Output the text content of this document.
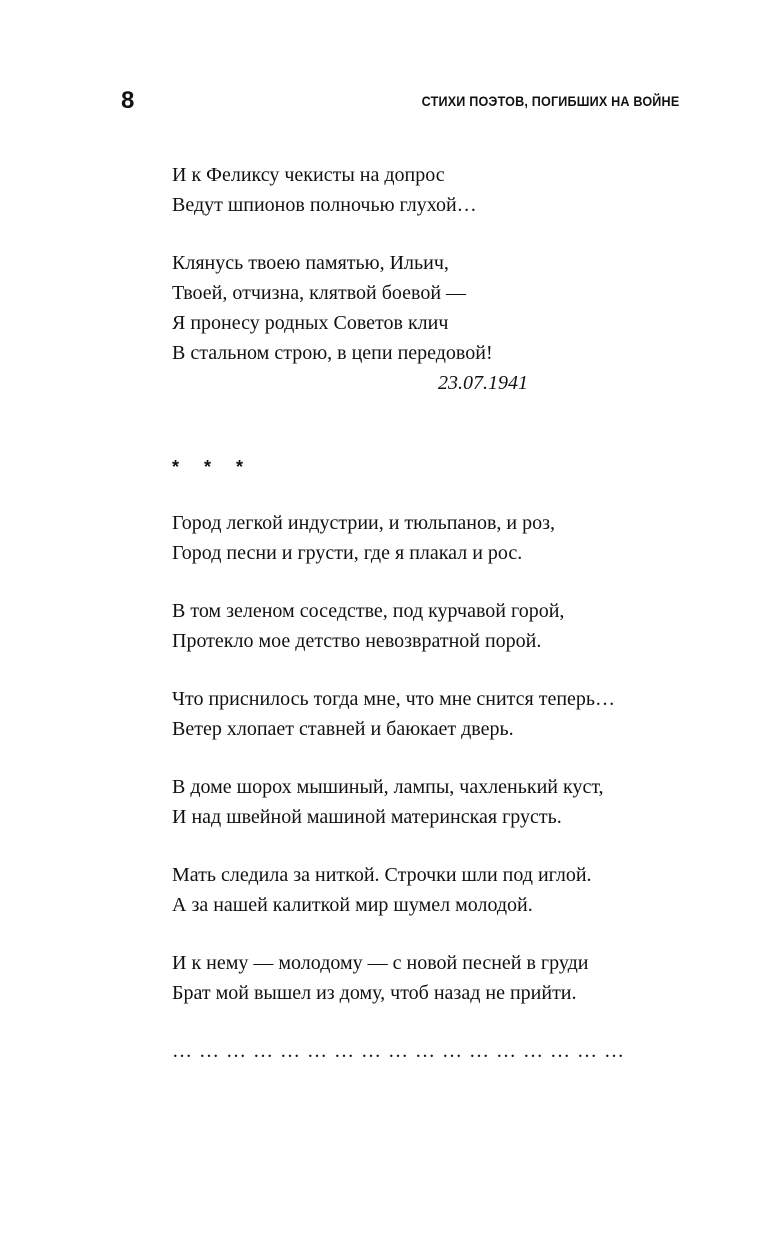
8	СТИХИ ПОЭТОВ, ПОГИБШИХ НА ВОЙНЕ
И к Феликсу чекисты на допрос
Ведут шпионов полночью глухой…
Клянусь твоею памятью, Ильич,
Твоей, отчизна, клятвой боевой —
Я пронесу родных Советов клич
В стальном строю, в цепи передовой!
23.07.1941
* * *
Город легкой индустрии, и тюльпанов, и роз,
Город песни и грусти, где я плакал и рос.
В том зеленом соседстве, под курчавой горой,
Протекло мое детство невозвратной порой.
Что приснилось тогда мне, что мне снится теперь…
Ветер хлопает ставней и баюкает дверь.
В доме шорох мышиный, лампы, чахленький куст,
И над швейной машиной материнская грусть.
Мать следила за ниткой. Строчки шли под иглой.
А за нашей калиткой мир шумел молодой.
И к нему — молодому — с новой песней в груди
Брат мой вышел из дому, чтоб назад не прийти.
… … … … … … … … … … … … … … … … …
